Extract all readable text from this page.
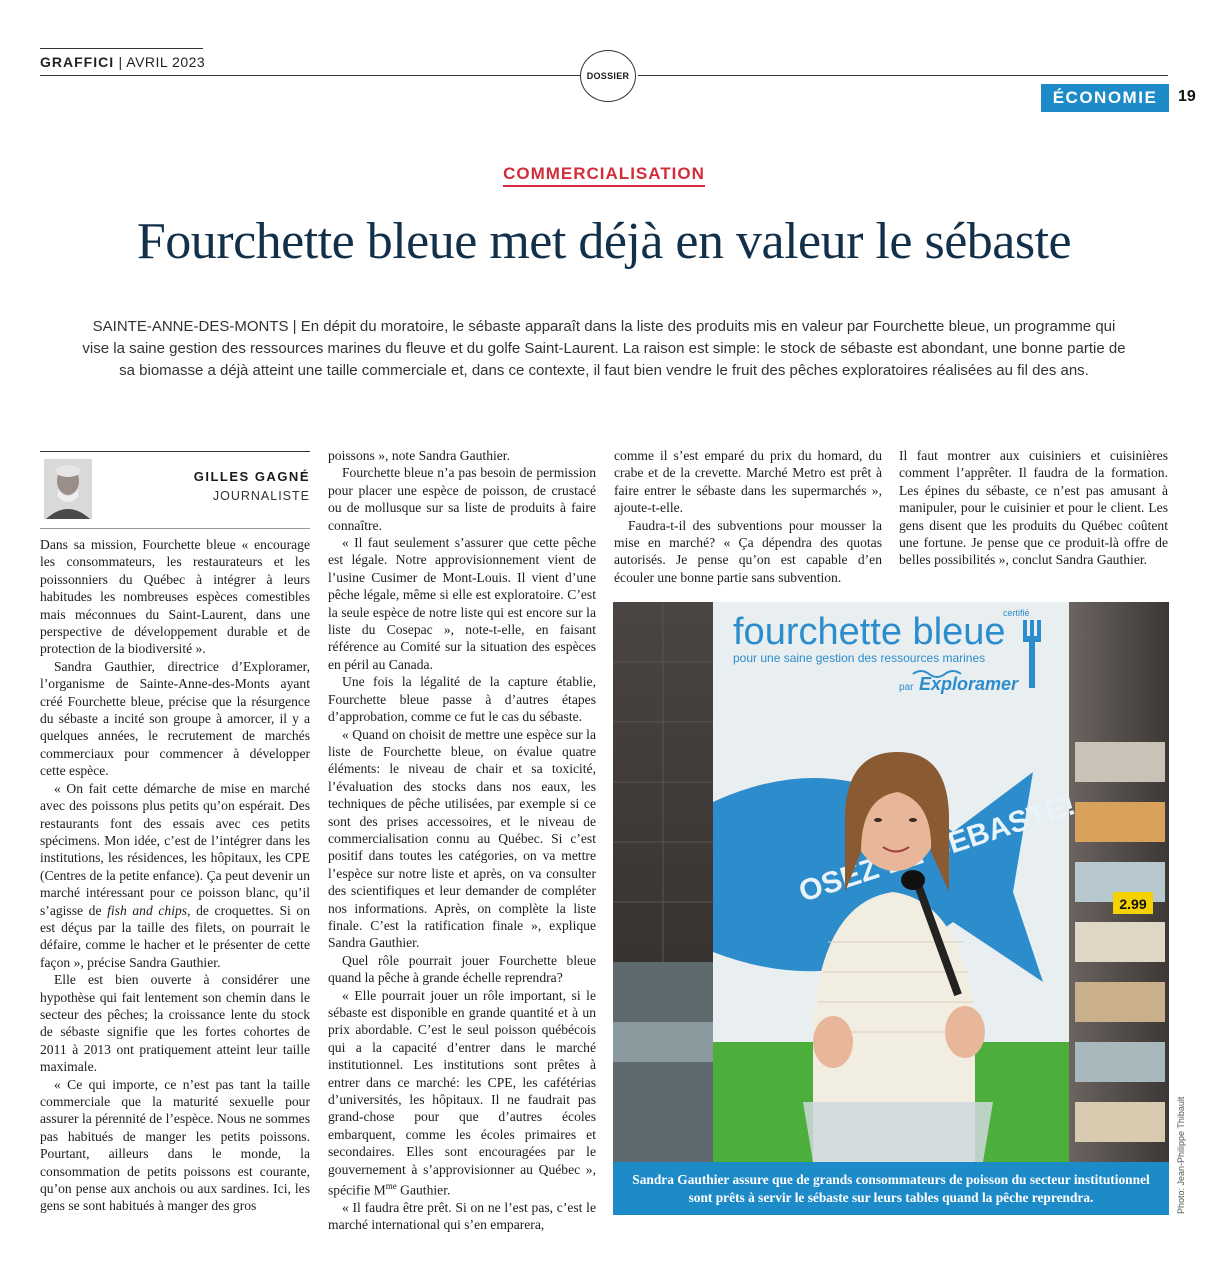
GRAFFICI | AVRIL 2023
DOSSIER
ÉCONOMIE	19
COMMERCIALISATION
Fourchette bleue met déjà en valeur le sébaste

SAINTE-ANNE-DES-MONTS | En dépit du moratoire, le sébaste apparaît dans la liste des produits mis en valeur par Fourchette bleue, un programme qui vise la saine gestion des ressources marines du fleuve et du golfe Saint-Laurent. La raison est simple: le stock de sébaste est abondant, une bonne partie de sa biomasse a déjà atteint une taille commerciale et, dans ce contexte, il faut bien vendre le fruit des pêches exploratoires réalisées au fil des ans.

GILLES GAGNÉ
JOURNALISTE

Dans sa mission, Fourchette bleue « encourage les consommateurs, les restaurateurs et les poissonniers du Québec à intégrer à leurs habitudes les nombreuses espèces comestibles mais méconnues du Saint-Laurent, dans une perspective de développement durable et de protection de la biodiversité ».

Sandra Gauthier, directrice d’Exploramer, l’organisme de Sainte-Anne-des-Monts ayant créé Fourchette bleue, précise que la résurgence du sébaste a incité son groupe à amorcer, il y a quelques années, le recrutement de marchés commerciaux pour commencer à développer cette espèce.

« On fait cette démarche de mise en marché avec des poissons plus petits qu’on espérait. Des restaurants font des essais avec ces petits spécimens. Mon idée, c’est de l’intégrer dans les institutions, les résidences, les hôpitaux, les CPE (Centres de la petite enfance). Ça peut devenir un marché intéressant pour ce poisson blanc, qu’il s’agisse de fish and chips, de croquettes. Si on est déçus par la taille des filets, on pourrait le défaire, comme le hacher et le présenter de cette façon », précise Sandra Gauthier.

Elle est bien ouverte à considérer une hypothèse qui fait lentement son chemin dans le secteur des pêches; la croissance lente du stock de sébaste signifie que les fortes cohortes de 2011 à 2013 ont pratiquement atteint leur taille maximale.

« Ce qui importe, ce n’est pas tant la taille commerciale que la maturité sexuelle pour assurer la pérennité de l’espèce. Nous ne sommes pas habitués de manger les petits poissons. Pourtant, ailleurs dans le monde, la consommation de petits poissons est courante, qu’on pense aux anchois ou aux sardines. Ici, les gens se sont habitués à manger des gros

poissons », note Sandra Gauthier.

Fourchette bleue n’a pas besoin de permission pour placer une espèce de poisson, de crustacé ou de mollusque sur sa liste de produits à faire connaître.

« Il faut seulement s’assurer que cette pêche est légale. Notre approvisionnement vient de l’usine Cusimer de Mont-Louis. Il vient d’une pêche légale, même si elle est exploratoire. C’est la seule espèce de notre liste qui est encore sur la liste du Cosepac », note-t-elle, en faisant référence au Comité sur la situation des espèces en péril au Canada.

Une fois la légalité de la capture établie, Fourchette bleue passe à d’autres étapes d’approbation, comme ce fut le cas du sébaste.

« Quand on choisit de mettre une espèce sur la liste de Fourchette bleue, on évalue quatre éléments: le niveau de chair et sa toxicité, l’évaluation des stocks dans nos eaux, les techniques de pêche utilisées, par exemple si ce sont des prises accessoires, et le niveau de commercialisation connu au Québec. Si c’est positif dans toutes les catégories, on va mettre l’espèce sur notre liste et après, on va consulter des scientifiques et leur demander de compléter nos informations. Après, on complète la liste finale. C’est la ratification finale », explique Sandra Gauthier.

Quel rôle pourrait jouer Fourchette bleue quand la pêche à grande échelle reprendra?

« Elle pourrait jouer un rôle important, si le sébaste est disponible en grande quantité et à un prix abordable. C’est le seul poisson québécois qui a la capacité d’entrer dans le marché institutionnel. Les institutions sont prêtes à entrer dans ce marché: les CPE, les cafétérias d’universités, les hôpitaux. Il ne faudrait pas grand-chose pour que d’autres écoles embarquent, comme les écoles primaires et secondaires. Elles sont encouragées par le gouvernement à s’approvisionner au Québec », spécifie $M^{me}$ Gauthier.

« Il faudra être prêt. Si on ne l’est pas, c’est le marché international qui s’en emparera,

comme il s’est emparé du prix du homard, du crabe et de la crevette. Marché Metro est prêt à faire entrer le sébaste dans les supermarchés », ajoute-t-elle.

Faudra-t-il des subventions pour mousser la mise en marché? « Ça dépendra des quotas autorisés. Je pense qu’on est capable d’en écouler une bonne partie sans subvention.

Il faut montrer aux cuisiniers et cuisinières comment l’apprêter. Il faudra de la formation. Les épines du sébaste, ce n’est pas amusant à manipuler, pour le cuisinier et pour le client. Les gens disent que les produits du Québec coûtent une fortune. Je pense que ce produit-là offre de belles possibilités », conclut Sandra Gauthier.

2.99
OSEZ SÉBASTE!
fourchette bleue
certifié
pour une saine gestion des ressources marines
par Exploramer
Sandra Gauthier assure que de grands consommateurs de poisson du secteur institutionnel sont prêts à servir le sébaste sur leurs tables quand la pêche reprendra.	Photo: Jean-Philippe Thibault
